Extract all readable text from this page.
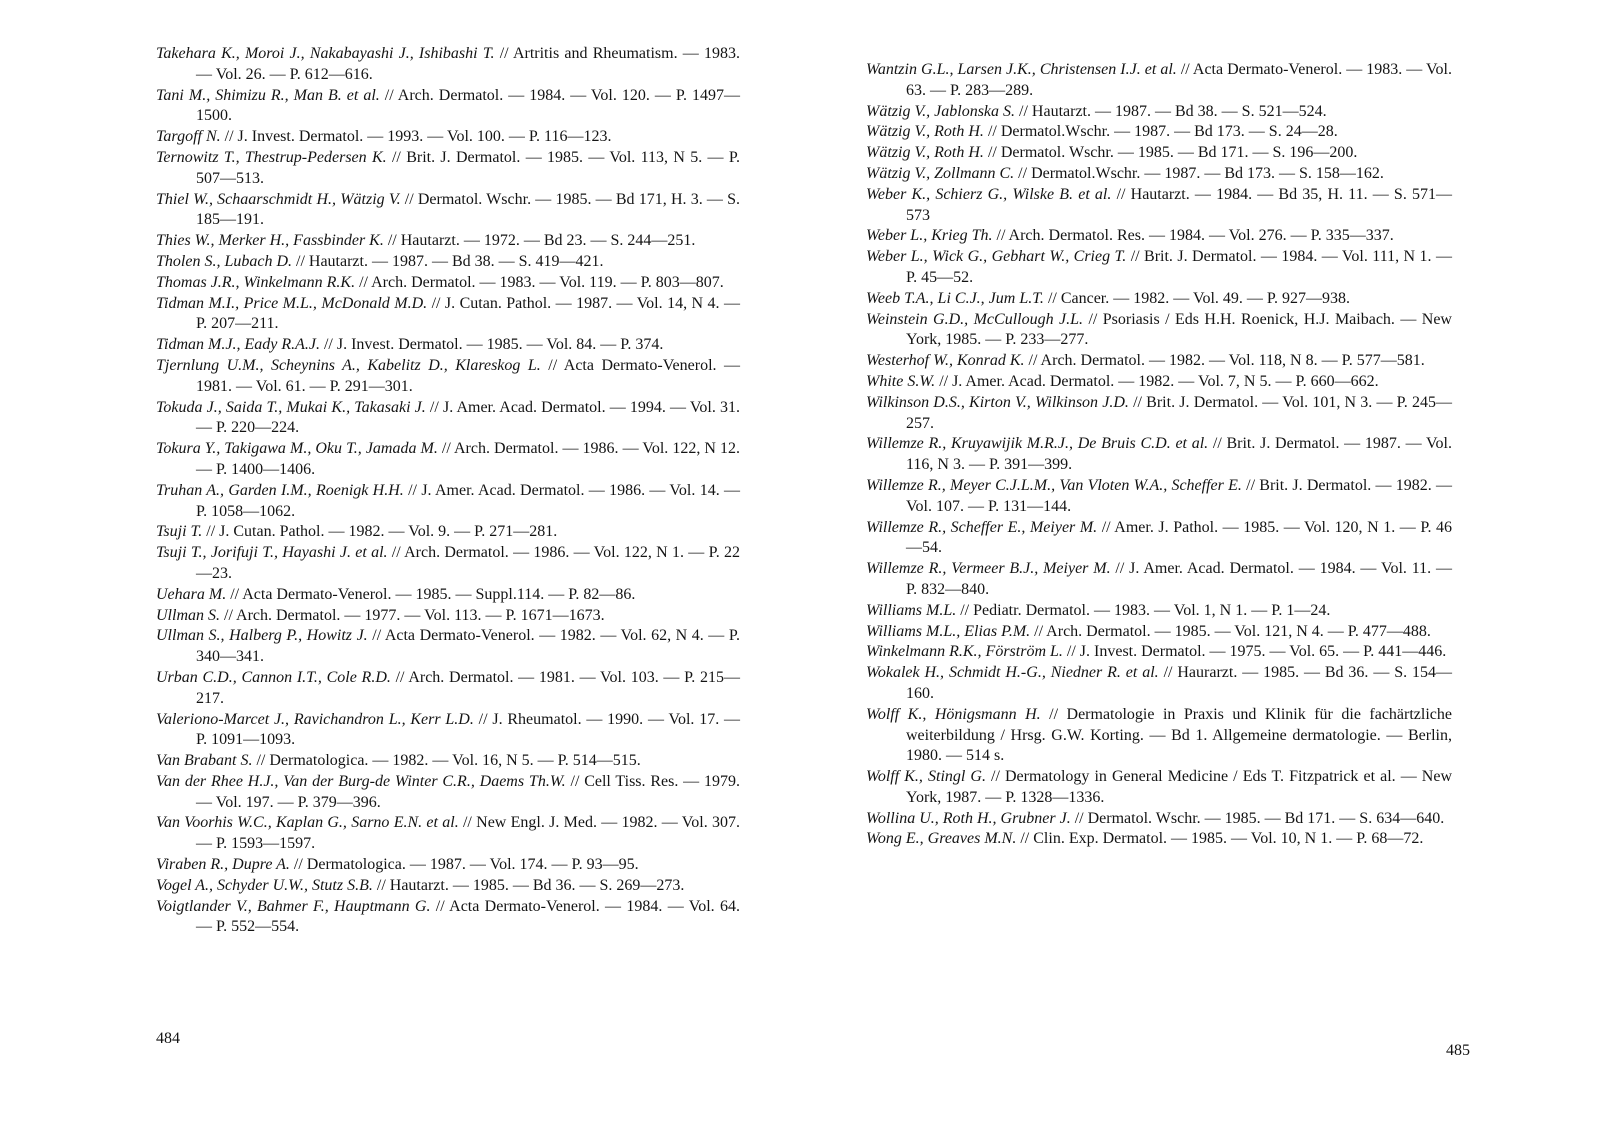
Takehara K., Moroi J., Nakabayashi J., Ishibashi T. // Artritis and Rheumatism. — 1983. — Vol. 26. — P. 612—616.
Tani M., Shimizu R., Man B. et al. // Arch. Dermatol. — 1984. — Vol. 120. — P. 1497—1500.
Targoff N. // J. Invest. Dermatol. — 1993. — Vol. 100. — P. 116—123.
Ternowitz T., Thestrup-Pedersen K. // Brit. J. Dermatol. — 1985. — Vol. 113, N 5. — P. 507—513.
Thiel W., Schaarschmidt H., Wätzig V. // Dermatol. Wschr. — 1985. — Bd 171, H. 3. — S. 185—191.
Thies W., Merker H., Fassbinder K. // Hautarzt. — 1972. — Bd 23. — S. 244—251.
Tholen S., Lubach D. // Hautarzt. — 1987. — Bd 38. — S. 419—421.
Thomas J.R., Winkelmann R.K. // Arch. Dermatol. — 1983. — Vol. 119. — P. 803—807.
Tidman M.I., Price M.L., McDonald M.D. // J. Cutan. Pathol. — 1987. — Vol. 14, N 4. — P. 207—211.
Tidman M.J., Eady R.A.J. // J. Invest. Dermatol. — 1985. — Vol. 84. — P. 374.
Tjernlung U.M., Scheynins A., Kabelitz D., Klareskog L. // Acta Dermato-Venerol. — 1981. — Vol. 61. — P. 291—301.
Tokuda J., Saida T., Mukai K., Takasaki J. // J. Amer. Acad. Dermatol. — 1994. — Vol. 31. — P. 220—224.
Tokura Y., Takigawa M., Oku T., Jamada M. // Arch. Dermatol. — 1986. — Vol. 122, N 12. — P. 1400—1406.
Truhan A., Garden I.M., Roenigk H.H. // J. Amer. Acad. Dermatol. — 1986. — Vol. 14. — P. 1058—1062.
Tsuji T. // J. Cutan. Pathol. — 1982. — Vol. 9. — P. 271—281.
Tsuji T., Jorifuji T., Hayashi J. et al. // Arch. Dermatol. — 1986. — Vol. 122, N 1. — P. 22—23.
Uehara M. // Acta Dermato-Venerol. — 1985. — Suppl.114. — P. 82—86.
Ullman S. // Arch. Dermatol. — 1977. — Vol. 113. — P. 1671—1673.
Ullman S., Halberg P., Howitz J. // Acta Dermato-Venerol. — 1982. — Vol. 62, N 4. — P. 340—341.
Urban C.D., Cannon I.T., Cole R.D. // Arch. Dermatol. — 1981. — Vol. 103. — P. 215—217.
Valeriono-Marcet J., Ravichandron L., Kerr L.D. // J. Rheumatol. — 1990. — Vol. 17. — P. 1091—1093.
Van Brabant S. // Dermatologica. — 1982. — Vol. 16, N 5. — P. 514—515.
Van der Rhee H.J., Van der Burg-de Winter C.R., Daems Th.W. // Cell Tiss. Res. — 1979. — Vol. 197. — P. 379—396.
Van Voorhis W.C., Kaplan G., Sarno E.N. et al. // New Engl. J. Med. — 1982. — Vol. 307. — P. 1593—1597.
Viraben R., Dupre A. // Dermatologica. — 1987. — Vol. 174. — P. 93—95.
Vogel A., Schyder U.W., Stutz S.B. // Hautarzt. — 1985. — Bd 36. — S. 269—273.
Voigtlander V., Bahmer F., Hauptmann G. // Acta Dermato-Venerol. — 1984. — Vol. 64. — P. 552—554.
484
Wantzin G.L., Larsen J.K., Christensen I.J. et al. // Acta Dermato-Venerol. — 1983. — Vol. 63. — P. 283—289.
Wätzig V., Jablonska S. // Hautarzt. — 1987. — Bd 38. — S. 521—524.
Wätzig V., Roth H. // Dermatol.Wschr. — 1987. — Bd 173. — S. 24—28.
Wätzig V., Roth H. // Dermatol. Wschr. — 1985. — Bd 171. — S. 196—200.
Wätzig V., Zollmann C. // Dermatol.Wschr. — 1987. — Bd 173. — S. 158—162.
Weber K., Schierz G., Wilske B. et al. // Hautarzt. — 1984. — Bd 35, H. 11. — S. 571—573
Weber L., Krieg Th. // Arch. Dermatol. Res. — 1984. — Vol. 276. — P. 335—337.
Weber L., Wick G., Gebhart W., Crieg T. // Brit. J. Dermatol. — 1984. — Vol. 111, N 1. — P. 45—52.
Weeb T.A., Li C.J., Jum L.T. // Cancer. — 1982. — Vol. 49. — P. 927—938.
Weinstein G.D., McCullough J.L. // Psoriasis / Eds H.H. Roenick, H.J. Maibach. — New York, 1985. — P. 233—277.
Westerhof W., Konrad K. // Arch. Dermatol. — 1982. — Vol. 118, N 8. — P. 577—581.
White S.W. // J. Amer. Acad. Dermatol. — 1982. — Vol. 7, N 5. — P. 660—662.
Wilkinson D.S., Kirton V., Wilkinson J.D. // Brit. J. Dermatol. — Vol. 101, N 3. — P. 245—257.
Willemze R., Kruyawijik M.R.J., De Bruis C.D. et al. // Brit. J. Dermatol. — 1987. — Vol. 116, N 3. — P. 391—399.
Willemze R., Meyer C.J.L.M., Van Vloten W.A., Scheffer E. // Brit. J. Dermatol. — 1982. — Vol. 107. — P. 131—144.
Willemze R., Scheffer E., Meiyer M. // Amer. J. Pathol. — 1985. — Vol. 120, N 1. — P. 46—54.
Willemze R., Vermeer B.J., Meiyer M. // J. Amer. Acad. Dermatol. — 1984. — Vol. 11. — P. 832—840.
Williams M.L. // Pediatr. Dermatol. — 1983. — Vol. 1, N 1. — P. 1—24.
Williams M.L., Elias P.M. // Arch. Dermatol. — 1985. — Vol. 121, N 4. — P. 477—488.
Winkelmann R.K., Förström L. // J. Invest. Dermatol. — 1975. — Vol. 65. — P. 441—446.
Wokalek H., Schmidt H.-G., Niedner R. et al. // Haurarzt. — 1985. — Bd 36. — S. 154—160.
Wolff K., Hönigsmann H. // Dermatologie in Praxis und Klinik für die fachärtzliche weiterbildung / Hrsg. G.W. Korting. — Bd 1. Allgemeine dermatologie. — Berlin, 1980. — 514 s.
Wolff K., Stingl G. // Dermatology in General Medicine / Eds T. Fitzpatrick et al. — New York, 1987. — P. 1328—1336.
Wollina U., Roth H., Grubner J. // Dermatol. Wschr. — 1985. — Bd 171. — S. 634—640.
Wong E., Greaves M.N. // Clin. Exp. Dermatol. — 1985. — Vol. 10, N 1. — P. 68—72.
485
